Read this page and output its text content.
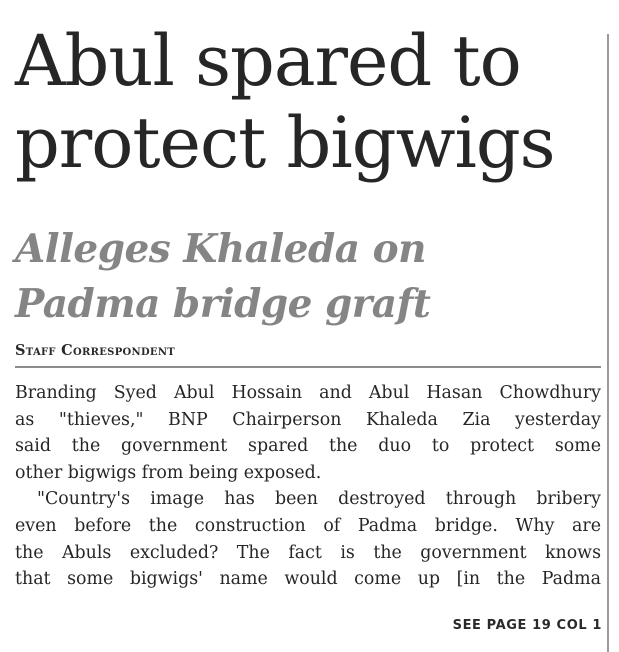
Abul spared to
protect bigwigs
Alleges Khaleda on
Padma bridge graft
Staff Correspondent
Branding Syed Abul Hossain and Abul Hasan Chowdhury
as "thieves," BNP Chairperson Khaleda Zia yesterday
said the government spared the duo to protect some
other bigwigs from being exposed.
"Country's image has been destroyed through bribery
even before the construction of Padma bridge. Why are
the Abuls excluded? The fact is the government knows
that some bigwigs' name would come up [in the Padma
SEE PAGE 19 COL 1
